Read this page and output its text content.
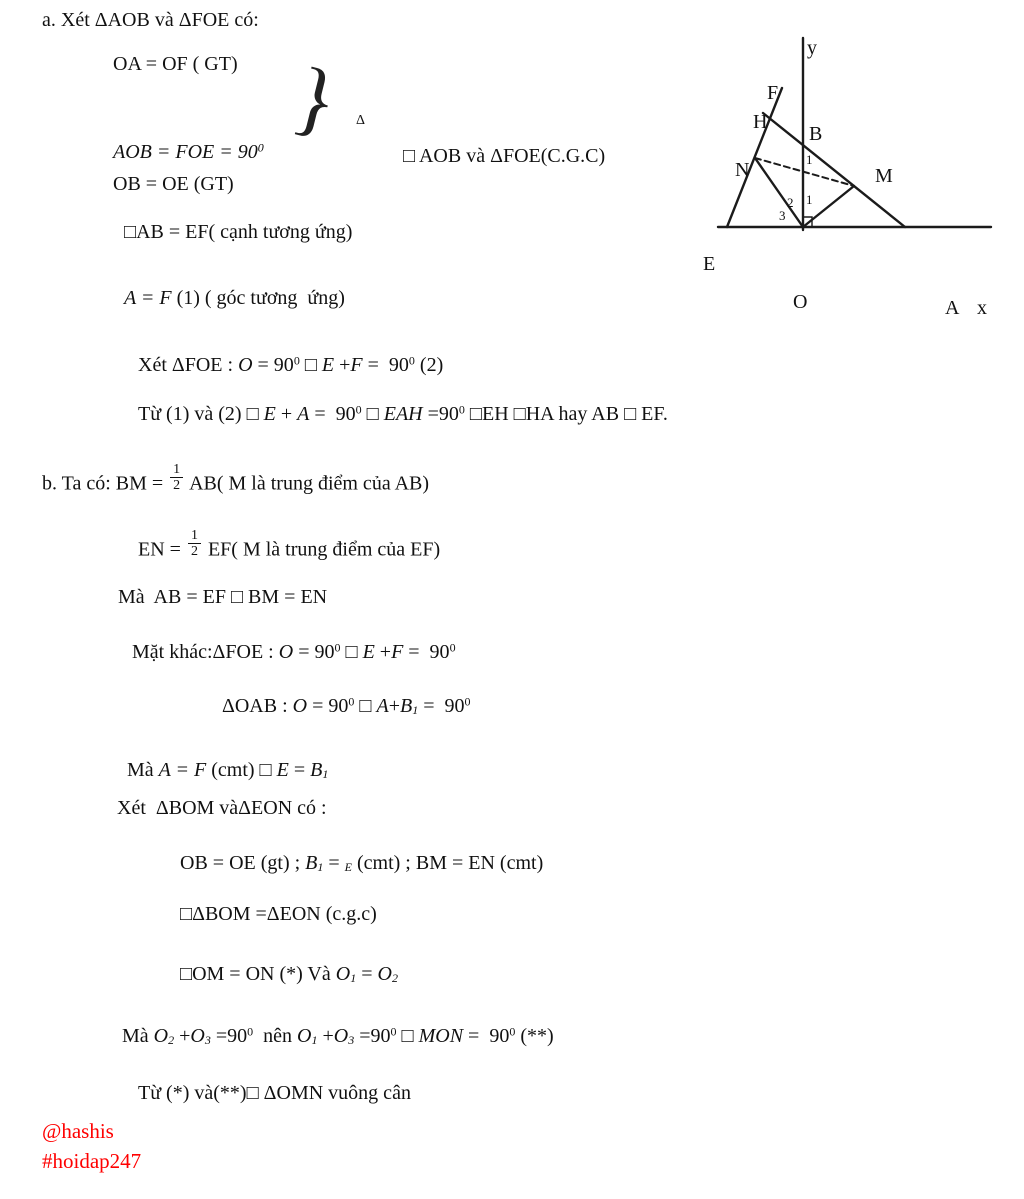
a. Xét ΔAOB và ΔFOE có:
OA = OF ( GT)
AOB = FOE = $90^0$
OB = OE (GT)
} Δ
□ AOB và ΔFOE(C.G.C)
□AB = EF( cạnh tương ứng)
A = F (1) ( góc tương  ứng)
Xét ΔFOE : $O = 90^0$ □ $E +F = 90^0$ (2)
Từ (1) và (2) □ $E + A = 90^0$ □ EAH $=90^0$ □EH □HA hay AB □ EF.
b. Ta có: BM = $\frac{1}{2} AB$( M là trung điểm của AB)
EN = $\frac{1}{2} EF$( M là trung điểm của EF)
Mà  AB = EF □ BM = EN
Mặt khác:ΔFOE : $O = 90^0$ □ $E +F = 90^0$
ΔOAB : $O = 90^0$ □ $A+B1 = 90^0$
Mà A = F (cmt) □ E = B1
Xét  ΔBOM vàΔEON có :
OB = OE (gt) ; B1 = E (cmt) ; BM = EN (cmt)
□ΔBOM =ΔEON (c.g.c)
□OM = ON (*) Và O1 = O2
Mà $O2 +O3 =90^0$  nên $O1 +O3 =90^0$ □ MON =  $90^0$ (**)
Từ (*) và(**)□ ΔOMN vuông cân
@hashis
#hoidap247
y
F
H
B
N	M
E
O	A x
1
1
2
3
